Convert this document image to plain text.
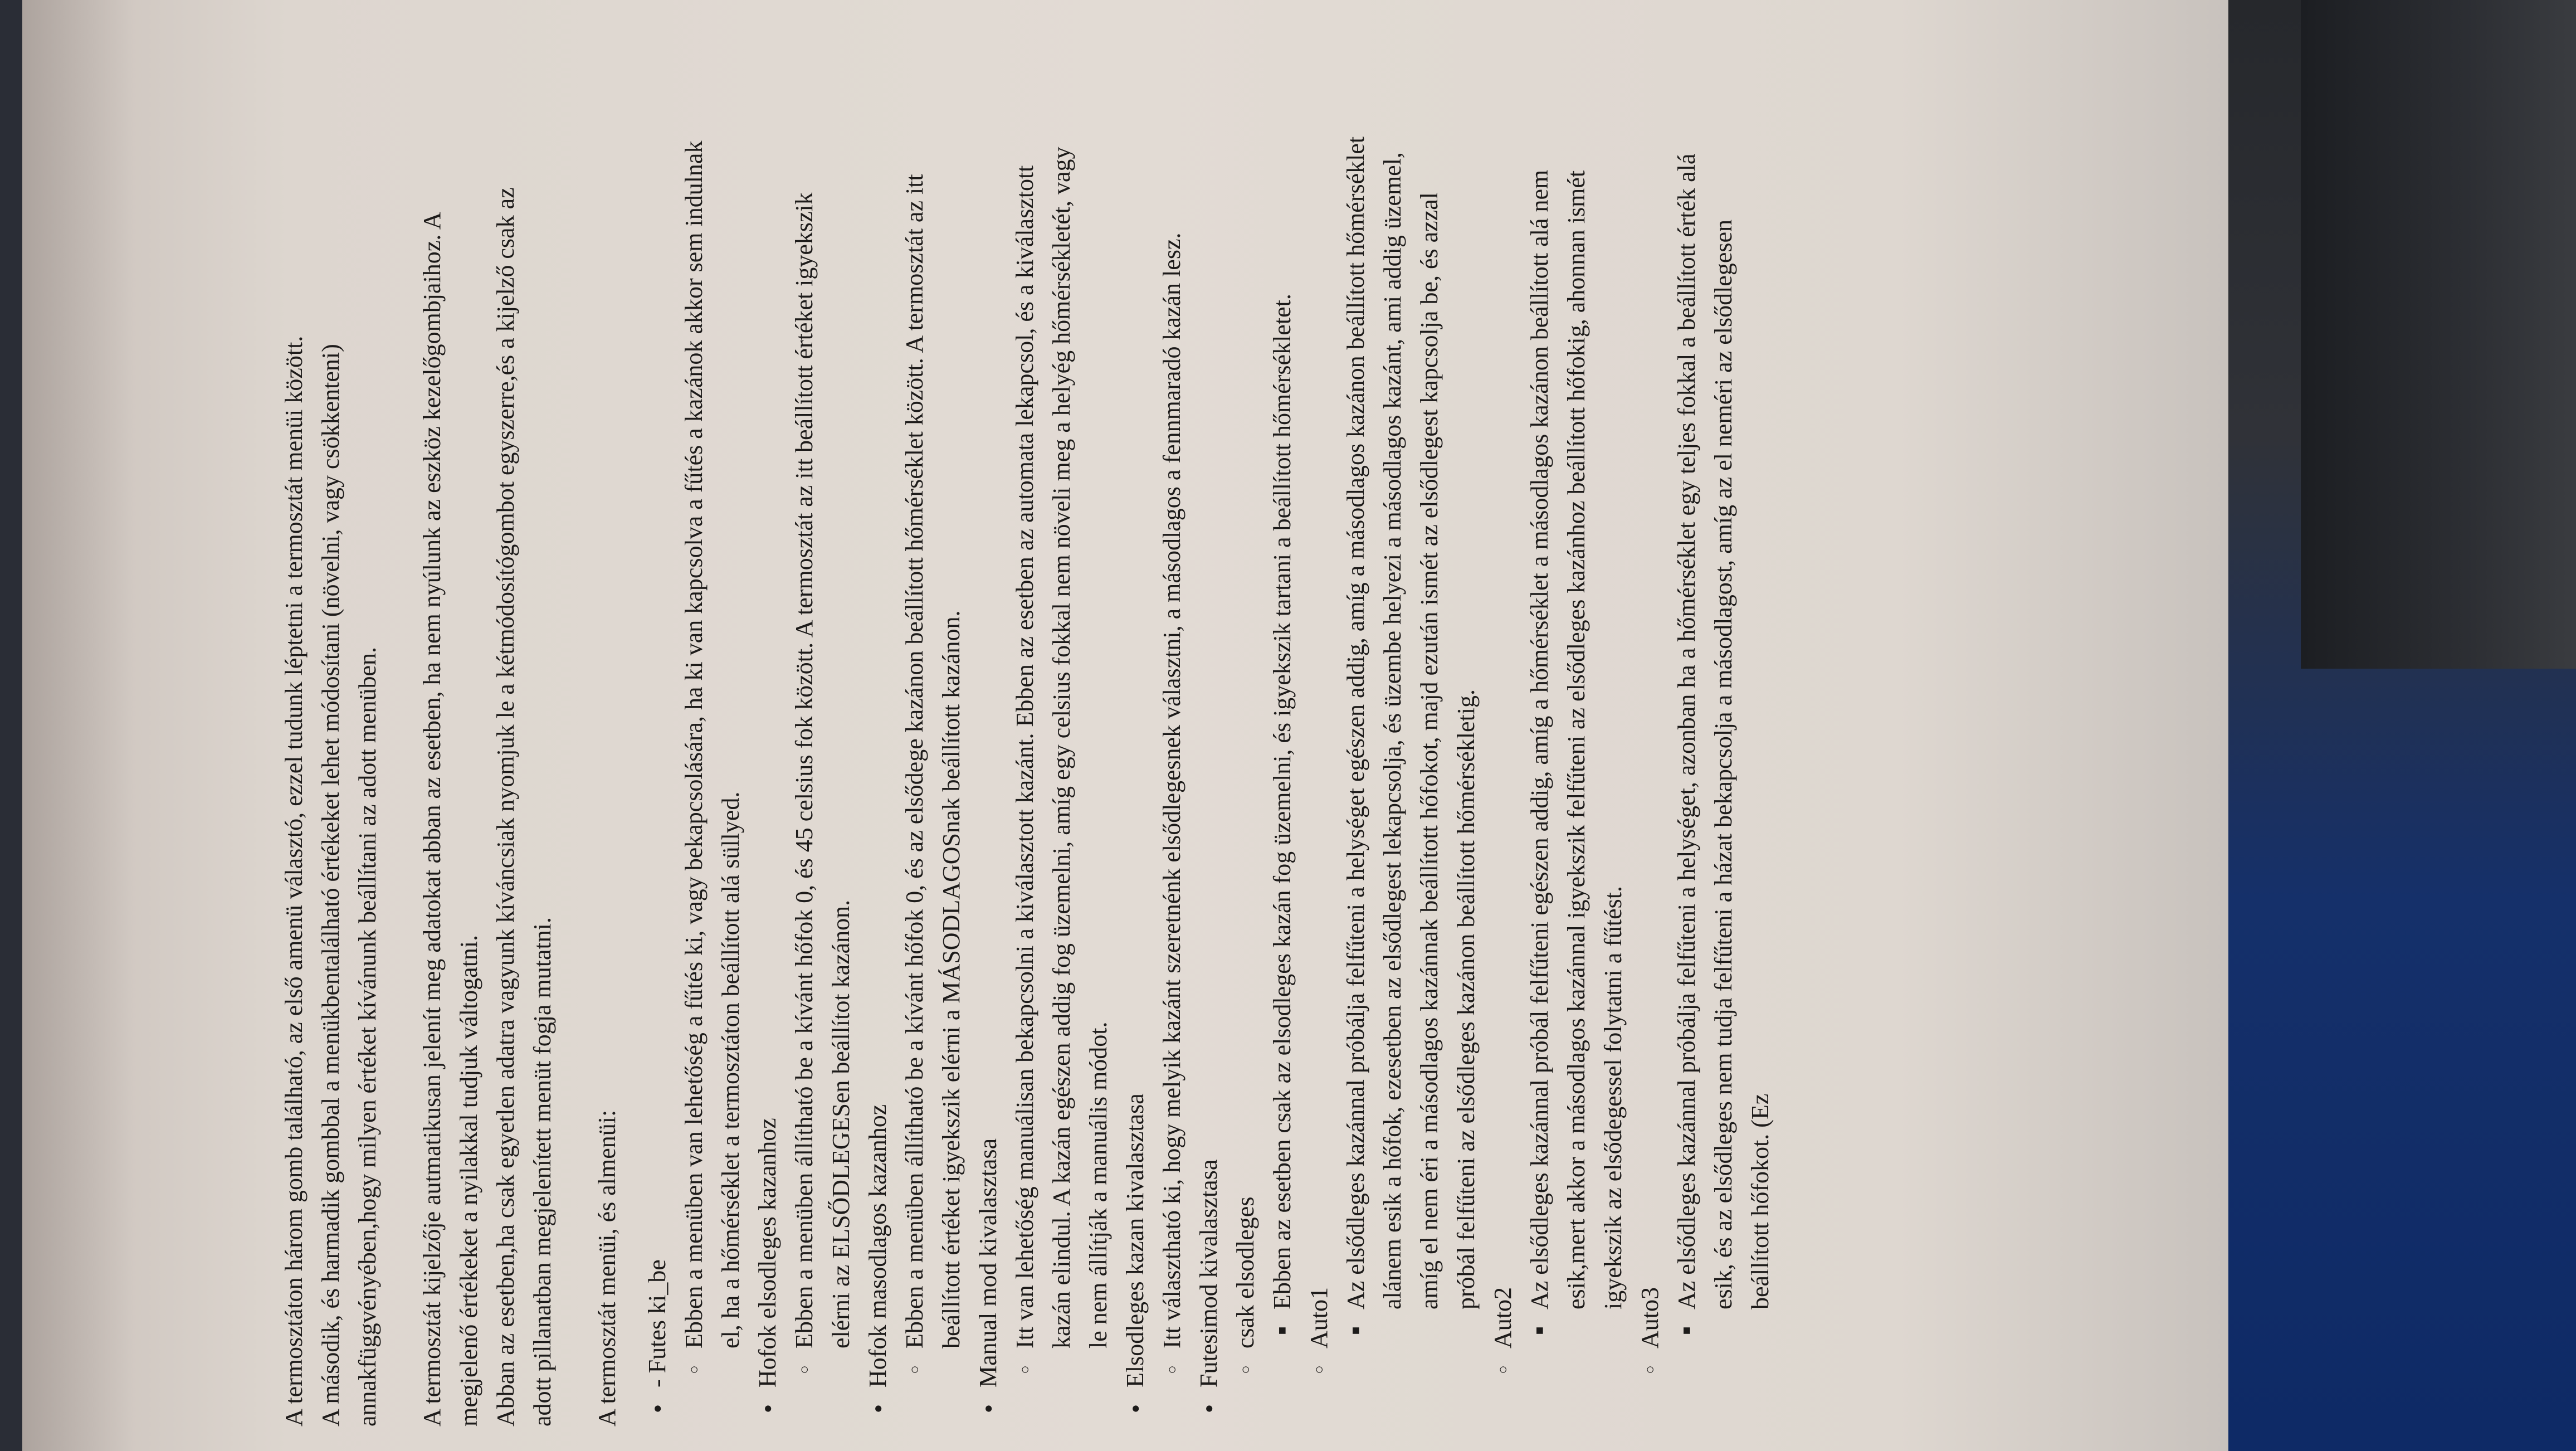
A termosztáton három gomb található, az első amenü választó, ezzel tudunk léptetni a termosztát menüi között. A második, és harmadik gombbal a menükbentalálható értékeket lehet módosítani (növelni, vagy csökkenteni) annakfüggvényében,hogy milyen értéket kívánunk beállítani az adott menüben. A termosztát kijelzője autmatikusan jelenít meg adatokat abban az esetben, ha nem nyúlunk az eszköz kezelőgombjaihoz. A megjelenő értékeket a nyilakkal tudjuk váltogatni. Abban az esetben,ha csak egyetlen adatra vagyunk kíváncsiak nyomjuk le a kétmódosítógombot egyszerre,és a kijelző csak az adott pillanatban megjelenített menüt fogja mutatni. A termosztát menüi, és almenüi:	●
- Futes ki_be	○
Ebben a menüben van lehetőség a fűtés ki, vagy bekapcsolására, ha ki van kapcsolva a fűtés a kazánok akkor sem indulnak el, ha a hőmérséklet a termosztáton beállított alá süllyed.
●
Hofok elsodleges kazanhoz	○
Ebben a menüben állítható be a kívánt hőfok 0, és 45 celsius fok között. A termosztát az itt beállított értéket igyekszik elérni az ELSŐDLEGESen beállítot kazánon.
●
Hofok masodlagos kazanhoz	○
Ebben a menüben állítható be a kívánt hőfok 0, és az elsődege kazánon beállított hőmérséklet között. A termosztát az itt beállított értéket igyekszik elérni a MÁSODLAGOSnak beállított kazánon.
●
Manual mod kivalasztasa	○
Itt van lehetőség manuálisan bekapcsolni a kiválasztott kazánt. Ebben az esetben az automata lekapcsol, és a kiválasztott kazán elindul. A kazán egészen addig fog üzemelni, amíg egy celsius fokkal nem növeli meg a helyég hőmérsékletét, vagy le nem állítják a manuális módot.
●
Elsodleges kazan kivalasztasa	○
Itt választható ki, hogy melyik kazánt szeretnénk elsődlegesnek választni, a másodlagos a fennmaradó kazán lesz.
●
Futesimod kivalasztasa	○
csak elsodleges	■
Ebben az esetben csak az elsodleges kazán fog üzemelni, és igyekszik tartani a beállított hőmérsékletet.
○
Auto1	■
Az elsődleges kazánnal próbálja felfűteni a helységet egészen addig, amíg a másodlagos kazánon beállított hőmérséklet alánem esik a hőfok, ezesetben az elsődlegest lekapcsolja, és üzembe helyezi a másodlagos kazánt, ami addig üzemel, amíg el nem éri a másodlagos kazánnak beállított hőfokot, majd ezután ismét az elsődlegest kapcsolja be, és azzal próbál felfűteni az elsődleges kazánon beállított hőmérsékletig.
○
Auto2	■
Az elsődleges kazánnal próbál felfűteni egészen addig, amíg a hőmérséklet a másodlagos kazánon beállított alá nem esik,mert akkor a másodlagos kazánnal igyekszik felfűteni az elsődleges kazánhoz beállított hőfokig, ahonnan ismét igyekszik az elsődegessel folytatni a fűtést.
○
Auto3	■
Az elsődleges kazánnal próbálja felfűteni a helységet, azonban ha a hőmérséklet egy teljes fokkal a beállított érték alá esik, és az elsődleges nem tudja felfűteni a házat bekapcsolja a másodlagost, amíg az el neméri az elsődlegesen beállított hőfokot. (Ez
